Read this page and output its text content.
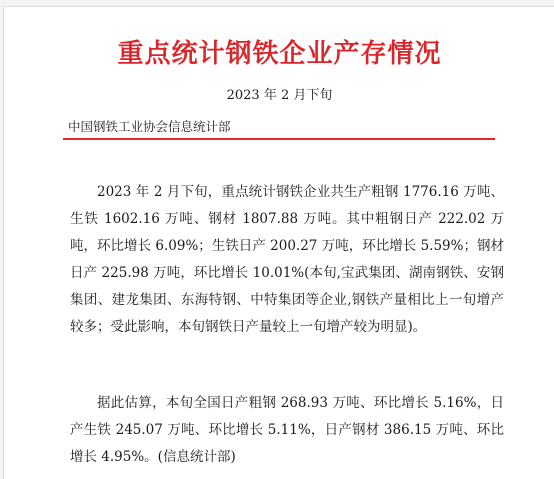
重点统计钢铁企业产存情况
2023 年 2 月下旬
中国钢铁工业协会信息统计部

2023 年 2 月下旬，重点统计钢铁企业共生产粗钢 1776.16 万吨、生铁 1602.16 万吨、钢材 1807.88 万吨。其中粗钢日产 222.02 万吨，环比增长 6.09%；生铁日产 200.27 万吨，环比增长 5.59%；钢材日产 225.98 万吨，环比增长 10.01%(本旬,宝武集团、湖南钢铁、安钢集团、建龙集团、东海特钢、中特集团等企业,钢铁产量相比上一旬增产较多；受此影响，本旬钢铁日产量较上一旬增产较为明显)。

据此估算，本旬全国日产粗钢 268.93 万吨、环比增长 5.16%，日产生铁 245.07 万吨、环比增长 5.11%，日产钢材 386.15 万吨、环比增长 4.95%。(信息统计部)
